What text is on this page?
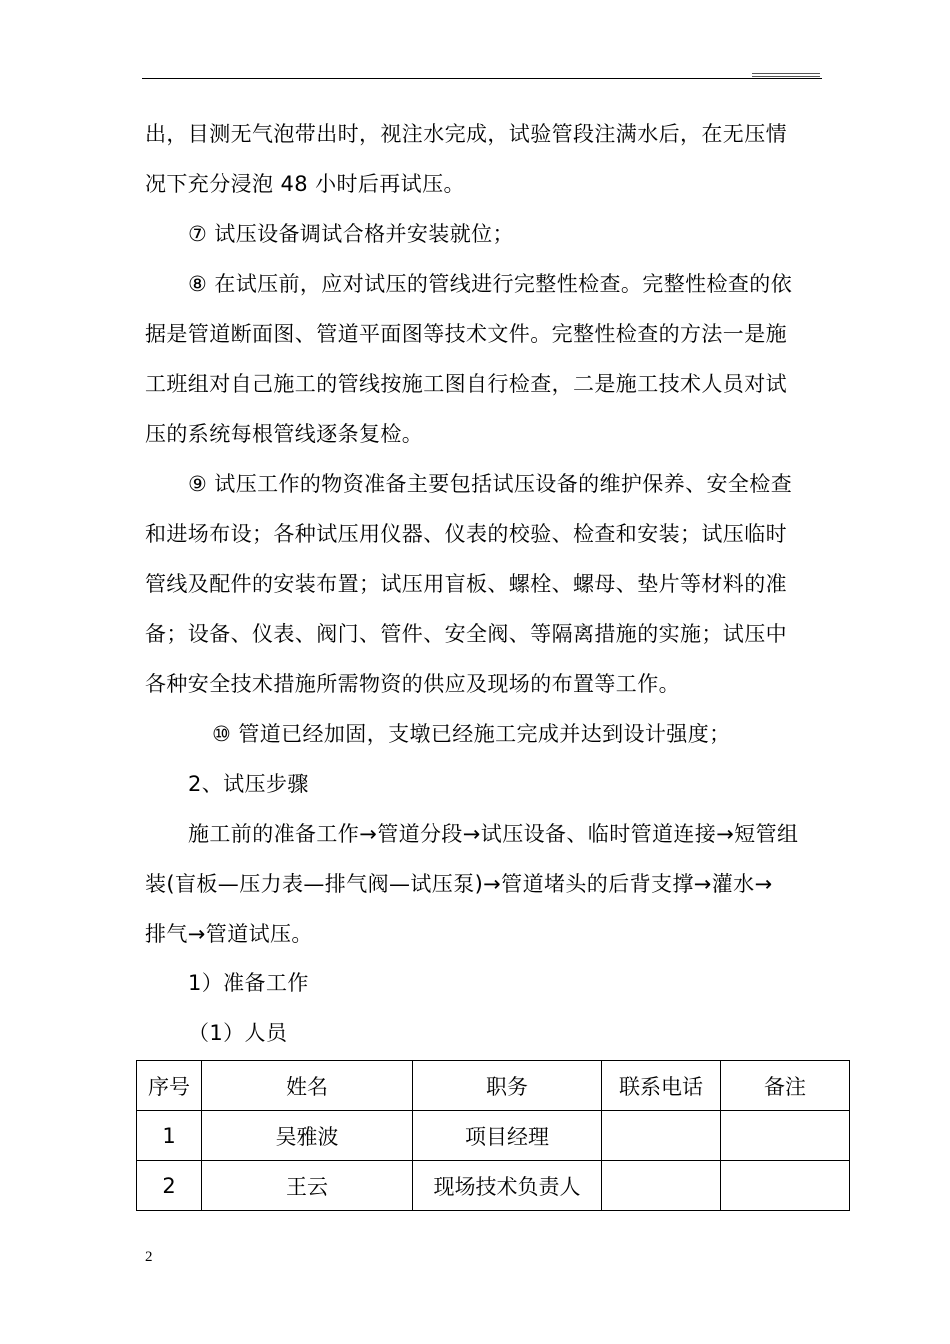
出，目测无气泡带出时，视注水完成，试验管段注满水后，在无压情
况下充分浸泡 48 小时后再试压。
⑦ 试压设备调试合格并安装就位；
⑧ 在试压前，应对试压的管线进行完整性检查。完整性检查的依
据是管道断面图、管道平面图等技术文件。完整性检查的方法一是施
工班组对自己施工的管线按施工图自行检查，二是施工技术人员对试
压的系统每根管线逐条复检。
⑨ 试压工作的物资准备主要包括试压设备的维护保养、安全检查
和进场布设；各种试压用仪器、仪表的校验、检查和安装；试压临时
管线及配件的安装布置；试压用盲板、螺栓、螺母、垫片等材料的准
备；设备、仪表、阀门、管件、安全阀、等隔离措施的实施；试压中
各种安全技术措施所需物资的供应及现场的布置等工作。
⑩ 管道已经加固，支墩已经施工完成并达到设计强度；
2、试压步骤
施工前的准备工作→管道分段→试压设备、临时管道连接→短管组
装(盲板—压力表—排气阀—试压泵)→管道堵头的后背支撑→灌水→
排气→管道试压。
1）准备工作
（1）人员
序号	姓名	职务	联系电话	备注
1	吴雅波	项目经理		
2	王云	现场技术负责人		
2
